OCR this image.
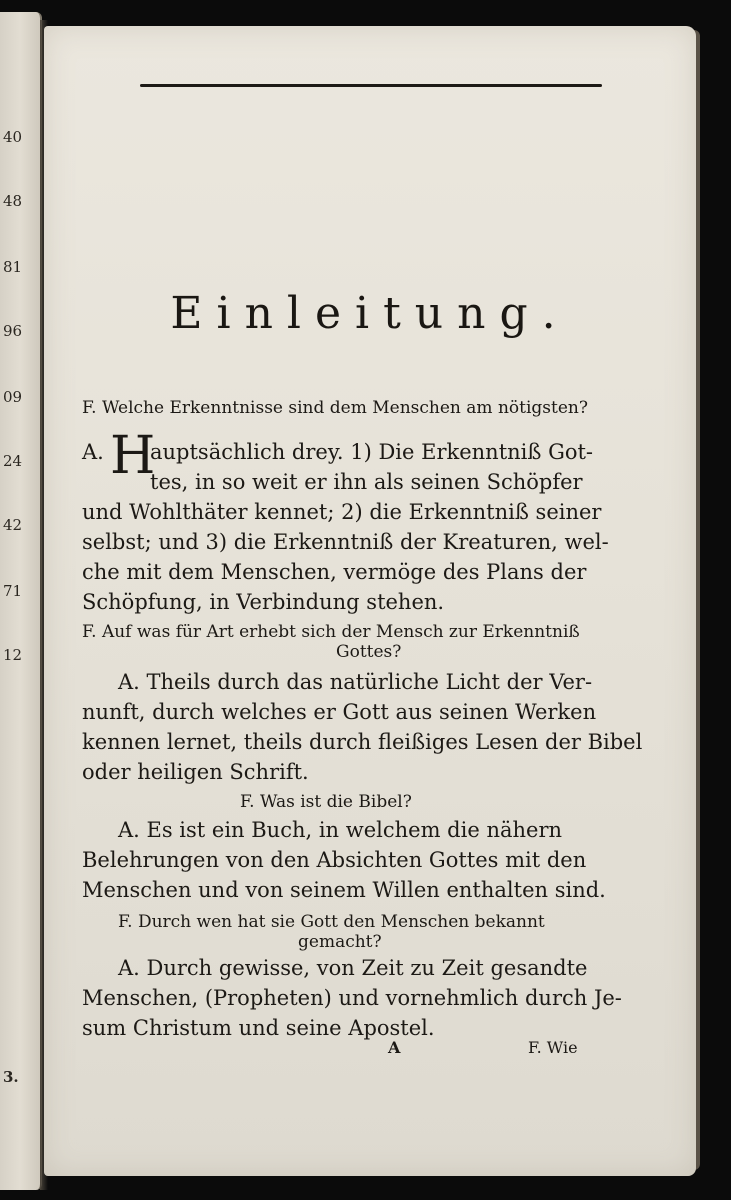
40
48
81
96
09
24
42
71
12
3.
Einleitung.
F. Welche Erkenntnisse sind dem Menschen am nötigsten?
A. H
auptsächlich drey. 1) Die Erkenntniß Got-
tes, in so weit er ihn als seinen Schöpfer
und Wohlthäter kennet; 2) die Erkenntniß seiner
selbst; und 3) die Erkenntniß der Kreaturen, wel-
che mit dem Menschen, vermöge des Plans der
Schöpfung, in Verbindung stehen.
F. Auf was für Art erhebt sich der Mensch zur Erkenntniß
Gottes?
A. Theils durch das natürliche Licht der Ver-
nunft, durch welches er Gott aus seinen Werken
kennen lernet, theils durch fleißiges Lesen der Bibel
oder heiligen Schrift.
F. Was ist die Bibel?
A. Es ist ein Buch, in welchem die nähern
Belehrungen von den Absichten Gottes mit den
Menschen und von seinem Willen enthalten sind.
F. Durch wen hat sie Gott den Menschen bekannt
gemacht?
A. Durch gewisse, von Zeit zu Zeit gesandte
Menschen, (Propheten) und vornehmlich durch Je-
sum Christum und seine Apostel.
A	F. Wie
